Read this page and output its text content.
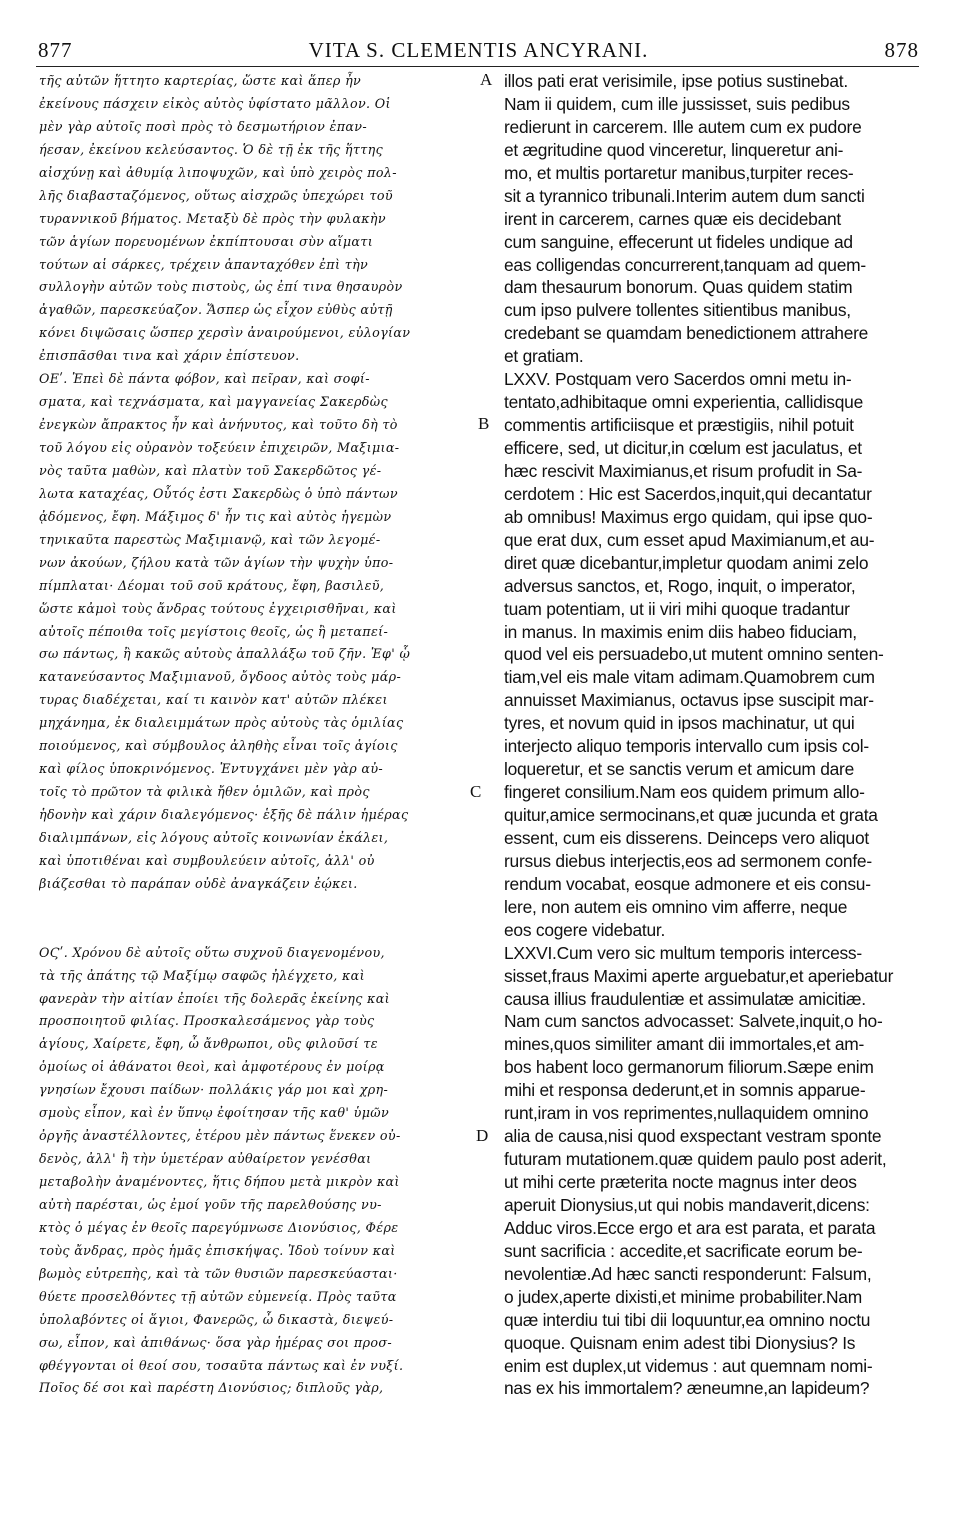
877	VITA S. CLEMENTIS ANCYRANI.	878
τῆς αὐτῶν ἥττητο καρτερίας, ὥστε καὶ ἅπερ ἦν
ἐκείνους πάσχειν εἰκὸς αὐτὸς ὑφίστατο μᾶλλον. Οἱ
μὲν γὰρ αὐτοῖς ποσὶ πρὸς τὸ δεσμωτήριον ἐπαν-
ήεσαν, ἐκείνου κελεύσαντος. Ὁ δὲ τῇ ἐκ τῆς ἥττης
αἰσχύνῃ καὶ ἀθυμίᾳ λιποψυχῶν, καὶ ὑπὸ χειρὸς πολ-
λῆς διαβασταζόμενος, οὕτως αἰσχρῶς ὑπεχώρει τοῦ
τυραννικοῦ βήματος. Μεταξὺ δὲ πρὸς τὴν φυλακὴν
τῶν ἁγίων πορευομένων ἐκπίπτουσαι σὺν αἵματι
τούτων αἱ σάρκες, τρέχειν ἁπανταχόθεν ἐπὶ τὴν
συλλογὴν αὐτῶν τοὺς πιστοὺς, ὡς ἐπί τινα θησαυρὸν
ἀγαθῶν, παρεσκεύαζον. Ἅσπερ ὡς εἶχον εὐθὺς αὐτῇ
κόνει διψῶσαις ὥσπερ χερσὶν ἀναιρούμενοι, εὐλογίαν
ἐπισπᾶσθαι τινα καὶ χάριν ἐπίστευον.
ΟΕʹ. Ἐπεὶ δὲ πάντα φόβον, καὶ πεῖραν, καὶ σοφί-
σματα, καὶ τεχνάσματα, καὶ μαγγανείας Σακερδὼς
ἐνεγκὼν ἄπρακτος ἦν καὶ ἀνήνυτος, καὶ τοῦτο δὴ τὸ
τοῦ λόγου εἰς οὐρανὸν τοξεύειν ἐπιχειρῶν, Μαξιμια-
νὸς ταῦτα μαθὼν, καὶ πλατὺν τοῦ Σακερδῶτος γέ-
λωτα καταχέας, Οὗτός ἐστι Σακερδὼς ὁ ὑπὸ πάντων
ᾀδόμενος, ἔφη. Μάξιμος δ' ἦν τις καὶ αὐτὸς ἡγεμὼν
τηνικαῦτα παρεστὼς Μαξιμιανῷ, καὶ τῶν λεγομέ-
νων ἀκούων, ζήλου κατὰ τῶν ἁγίων τὴν ψυχὴν ὑπο-
πίμπλαται· Δέομαι τοῦ σοῦ κράτους, ἔφη, βασιλεῦ,
ὥστε κἀμοὶ τοὺς ἄνδρας τούτους ἐγχειρισθῆναι, καὶ
αὐτοῖς πέποιθα τοῖς μεγίστοις θεοῖς, ὡς ἢ μεταπεί-
σω πάντως, ἢ κακῶς αὐτοὺς ἀπαλλάξω τοῦ ζῆν. Ἐφ' ᾧ
κατανεύσαντος Μαξιμιανοῦ, ὄγδοος αὐτὸς τοὺς μάρ-
τυρας διαδέχεται, καί τι καινὸν κατ' αὐτῶν πλέκει
μηχάνημα, ἐκ διαλειμμάτων πρὸς αὐτοὺς τὰς ὁμιλίας
ποιούμενος, καὶ σύμβουλος ἀληθὴς εἶναι τοῖς ἁγίοις
καὶ φίλος ὑποκρινόμενος. Ἐντυγχάνει μὲν γὰρ αὐ-
τοῖς τὸ πρῶτον τὰ φιλικὰ ἤθεν ὁμιλῶν, καὶ πρὸς
ἡδονὴν καὶ χάριν διαλεγόμενος· ἑξῆς δὲ πάλιν ἡμέρας
διαλιμπάνων, εἰς λόγους αὐτοῖς κοινωνίαν ἐκάλει,
καὶ ὑποτιθέναι καὶ συμβουλεύειν αὐτοῖς, ἀλλ' οὐ
βιάζεσθαι τὸ παράπαν οὐδὲ ἀναγκάζειν ἐῴκει.
ΟϚʹ. Χρόνου δὲ αὐτοῖς οὕτω συχνοῦ διαγενομένου,
τὰ τῆς ἀπάτης τῷ Μαξίμῳ σαφῶς ἠλέγχετο, καὶ
φανερὰν τὴν αἰτίαν ἐποίει τῆς δολερᾶς ἐκείνης καὶ
προσποιητοῦ φιλίας. Προσκαλεσάμενος γὰρ τοὺς
ἁγίους, Χαίρετε, ἔφη, ὦ ἄνθρωποι, οὓς φιλοῦσί τε
ὁμοίως οἱ ἀθάνατοι θεοὶ, καὶ ἀμφοτέρους ἐν μοίρᾳ
γνησίων ἔχουσι παίδων· πολλάκις γάρ μοι καὶ χρη-
σμοὺς εἶπον, καὶ ἐν ὕπνῳ ἐφοίτησαν τῆς καθ' ὑμῶν
ὀργῆς ἀναστέλλοντες, ἑτέρου μὲν πάντως ἕνεκεν οὐ-
δενὸς, ἀλλ' ἢ τὴν ὑμετέραν αὐθαίρετον γενέσθαι
μεταβολὴν ἀναμένοντες, ἥτις δήπου μετὰ μικρὸν καὶ
αὐτὴ παρέσται, ὡς ἐμοί γοῦν τῆς παρελθούσης νυ-
κτὸς ὁ μέγας ἐν θεοῖς παρεγύμνωσε Διονύσιος, Φέρε
τοὺς ἄνδρας, πρὸς ἡμᾶς ἐπισκήψας. Ἰδοὺ τοίνυν καὶ
βωμὸς εὐτρεπὴς, καὶ τὰ τῶν θυσιῶν παρεσκεύασται·
θύετε προσελθόντες τῇ αὐτῶν εὐμενείᾳ. Πρὸς ταῦτα
ὑπολαβόντες οἱ ἅγιοι, Φανερῶς, ὦ δικαστὰ, διεψεύ-
σω, εἶπον, καὶ ἀπιθάνως· ὅσα γὰρ ἡμέρας σοι προσ-
φθέγγονται οἱ θεοί σου, τοσαῦτα πάντως καὶ ἐν νυξί.
Ποῖος δέ σοι καὶ παρέστη Διονύσιος; διπλοῦς γὰρ,
illos pati erat verisimile, ipse potius sustinebat.
Nam ii quidem, cum ille jussisset, suis pedibus
redierunt in carcerem. Ille autem cum ex pudore
et ægritudine quod vinceretur, linqueretur ani-
mo, et multis portaretur manibus,turpiter reces-
sit a tyrannico tribunali.Interim autem dum sancti
irent in carcerem, carnes quæ eis decidebant
cum sanguine, effecerunt ut fideles undique ad
eas colligendas concurrerent,tanquam ad quem-
dam thesaurum bonorum. Quas quidem statim
cum ipso pulvere tollentes sitientibus manibus,
credebant se quamdam benedictionem attrahere
et gratiam.
LXXV. Postquam vero Sacerdos omni metu in-
tentato,adhibitaque omni experientia, callidisque
commentis artificiisque et præstigiis, nihil potuit
efficere, sed, ut dicitur,in cœlum est jaculatus, et
hæc rescivit Maximianus,et risum profudit in Sa-
cerdotem : Hic est Sacerdos,inquit,qui decantatur
ab omnibus! Maximus ergo quidam, qui ipse quo-
que erat dux, cum esset apud Maximianum,et au-
diret quæ dicebantur,impletur quodam animi zelo
adversus sanctos, et, Rogo, inquit, o imperator,
tuam potentiam, ut ii viri mihi quoque tradantur
in manus. In maximis enim diis habeo fiduciam,
quod vel eis persuadebo,ut mutent omnino senten-
tiam,vel eis male vitam adimam.Quamobrem cum
annuisset Maximianus, octavus ipse suscipit mar-
tyres, et novum quid in ipsos machinatur, ut qui
interjecto aliquo temporis intervallo cum ipsis col-
loqueretur, et se sanctis verum et amicum dare
fingeret consilium.Nam eos quidem primum allo-
quitur,amice sermocinans,et quæ jucunda et grata
essent, cum eis disserens. Deinceps vero aliquot
rursus diebus interjectis,eos ad sermonem confe-
rendum vocabat, eosque admonere et eis consu-
lere, non autem eis omnino vim afferre, neque
eos cogere videbatur.
LXXVI.Cum vero sic multum temporis intercess-
sisset,fraus Maximi aperte arguebatur,et aperiebatur
causa illius fraudulentiæ et assimulatæ amicitiæ.
Nam cum sanctos advocasset: Salvete,inquit,o ho-
mines,quos similiter amant dii immortales,et am-
bos habent loco germanorum filiorum.Sæpe enim
mihi et responsa dederunt,et in somnis apparue-
runt,iram in vos reprimentes,nullaquidem omnino
alia de causa,nisi quod exspectant vestram sponte
futuram mutationem.quæ quidem paulo post aderit,
ut mihi certe præterita nocte magnus inter deos
aperuit Dionysius,ut qui nobis mandaverit,dicens:
Adduc viros.Ecce ergo et ara est parata, et parata
sunt sacrificia : accedite,et sacrificate eorum be-
nevolentiæ.Ad hæc sancti responderunt: Falsum,
o judex,aperte dixisti,et minime probabiliter.Nam
quæ interdiu tui tibi dii loquuntur,ea omnino noctu
quoque. Quisnam enim adest tibi Dionysius? Is
enim est duplex,ut videmus : aut quemnam nomi-
nas ex his immortalem? æneumne,an lapideum?
A
B
C
D
